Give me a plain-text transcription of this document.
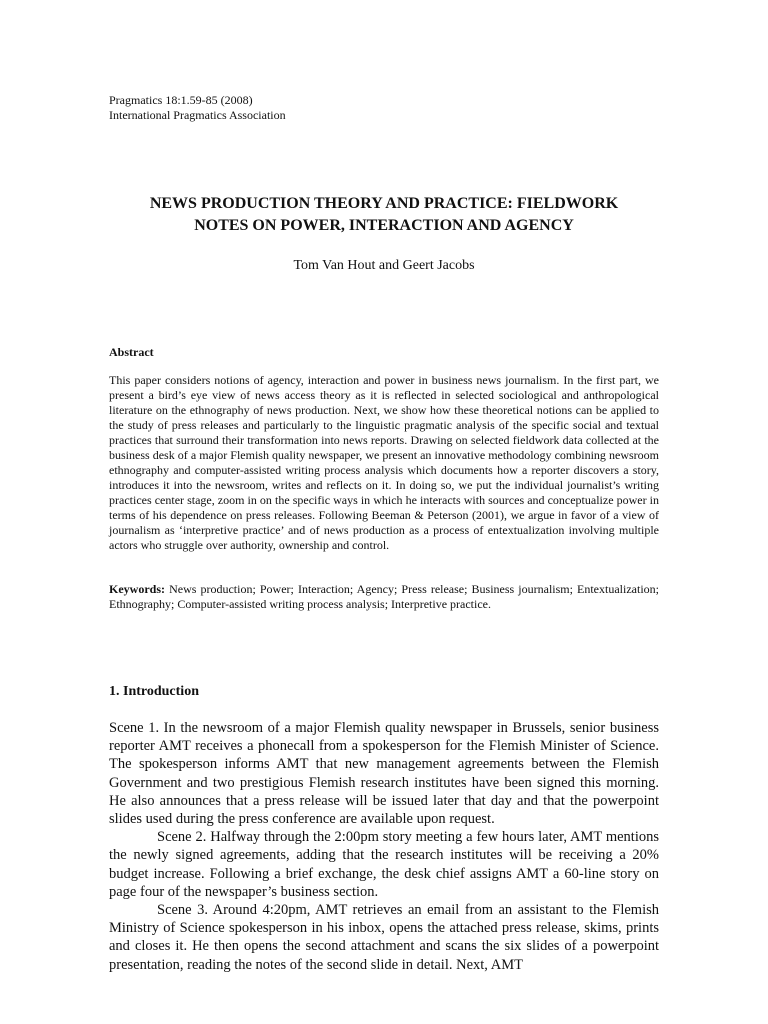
Pragmatics 18:1.59-85 (2008)
International Pragmatics Association
NEWS PRODUCTION THEORY AND PRACTICE: FIELDWORK
NOTES ON POWER, INTERACTION AND AGENCY
Tom Van Hout and Geert Jacobs
Abstract

This paper considers notions of agency, interaction and power in business news journalism. In the first part, we present a bird’s eye view of news access theory as it is reflected in selected sociological and anthropological literature on the ethnography of news production. Next, we show how these theoretical notions can be applied to the study of press releases and particularly to the linguistic pragmatic analysis of the specific social and textual practices that surround their transformation into news reports. Drawing on selected fieldwork data collected at the business desk of a major Flemish quality newspaper, we present an innovative methodology combining newsroom ethnography and computer-assisted writing process analysis which documents how a reporter discovers a story, introduces it into the newsroom, writes and reflects on it. In doing so, we put the individual journalist’s writing practices center stage, zoom in on the specific ways in which he interacts with sources and conceptualize power in terms of his dependence on press releases. Following Beeman & Peterson (2001), we argue in favor of a view of journalism as ‘interpretive practice’ and of news production as a process of entextualization involving multiple actors who struggle over authority, ownership and control.

Keywords: News production; Power; Interaction; Agency; Press release; Business journalism; Entextualization; Ethnography; Computer-assisted writing process analysis; Interpretive practice.

1. Introduction

Scene 1. In the newsroom of a major Flemish quality newspaper in Brussels, senior business reporter AMT receives a phonecall from a spokesperson for the Flemish Minister of Science. The spokesperson informs AMT that new management agreements between the Flemish Government and two prestigious Flemish research institutes have been signed this morning. He also announces that a press release will be issued later that day and that the powerpoint slides used during the press conference are available upon request.

Scene 2. Halfway through the 2:00pm story meeting a few hours later, AMT mentions the newly signed agreements, adding that the research institutes will be receiving a 20% budget increase. Following a brief exchange, the desk chief assigns AMT a 60-line story on page four of the newspaper’s business section.

Scene 3. Around 4:20pm, AMT retrieves an email from an assistant to the Flemish Ministry of Science spokesperson in his inbox, opens the attached press release, skims, prints and closes it. He then opens the second attachment and scans the six slides of a powerpoint presentation, reading the notes of the second slide in detail. Next, AMT
